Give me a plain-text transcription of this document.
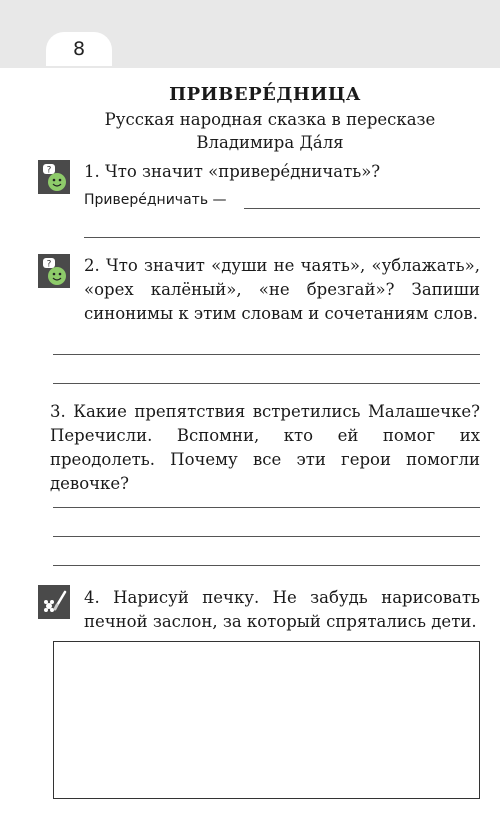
8
ПРИВЕРЕ́ДНИЦА
Русская народная сказка в пересказе
Владимира Да́ля
? 1. Что значит «приверéдничать»?
Приверéдничать —
? 2. Что значит «души не чаять», «ублажать», «орех калёный», «не брезгай»? Запиши синонимы к этим словам и сочетаниям слов.
3. Какие препятствия встретились Малашечке? Перечисли. Вспомни, кто ей помог их преодолеть. Почему все эти герои помогли девочке?
4. Нарисуй печку. Не забудь нарисовать печной заслон, за который спрятались дети.
